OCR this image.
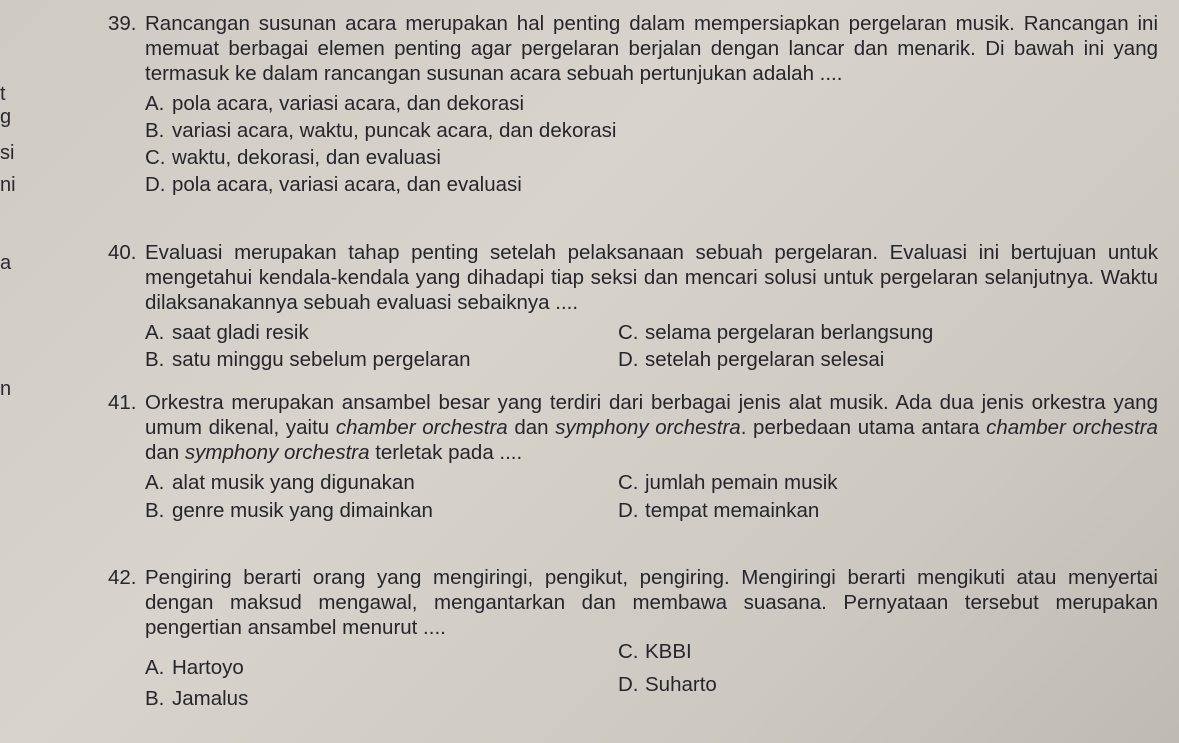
t
g
si
ni
a
n
39. Rancangan susunan acara merupakan hal penting dalam mempersiapkan pergelaran musik. Rancangan ini memuat berbagai elemen penting agar pergelaran berjalan dengan lancar dan menarik. Di bawah ini yang termasuk ke dalam rancangan susunan acara sebuah pertunjukan adalah ....
A. pola acara, variasi acara, dan dekorasi
B. variasi acara, waktu, puncak acara, dan dekorasi
C. waktu, dekorasi, dan evaluasi
D. pola acara, variasi acara, dan evaluasi
40. Evaluasi merupakan tahap penting setelah pelaksanaan sebuah pergelaran. Evaluasi ini bertujuan untuk mengetahui kendala-kendala yang dihadapi tiap seksi dan mencari solusi untuk pergelaran selanjutnya. Waktu dilaksanakannya sebuah evaluasi sebaiknya ....
A. saat gladi resik
B. satu minggu sebelum pergelaran
C. selama pergelaran berlangsung
D. setelah pergelaran selesai
41. Orkestra merupakan ansambel besar yang terdiri dari berbagai jenis alat musik. Ada dua jenis orkestra yang umum dikenal, yaitu chamber orchestra dan symphony orchestra. perbedaan utama antara chamber orchestra dan symphony orchestra terletak pada ....
A. alat musik yang digunakan
B. genre musik yang dimainkan
C. jumlah pemain musik
D. tempat memainkan
42. Pengiring berarti orang yang mengiringi, pengikut, pengiring. Mengiringi berarti mengikuti atau menyertai dengan maksud mengawal, mengantarkan dan membawa suasana. Pernyataan tersebut merupakan pengertian ansambel menurut ....
A. Hartoyo
B. Jamalus
C. KBBI
D. Suharto
